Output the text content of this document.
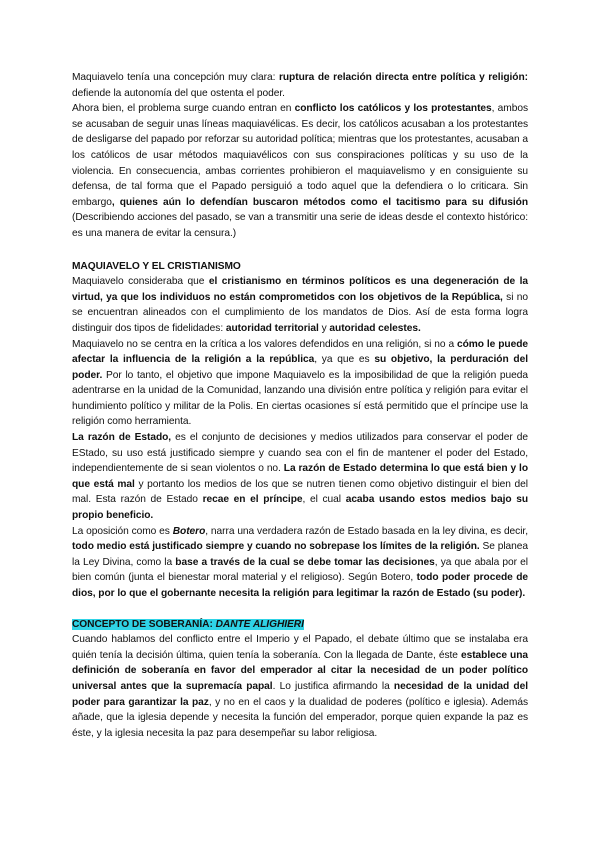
Maquiavelo tenía una concepción muy clara: ruptura de relación directa entre política y religión: defiende la autonomía del que ostenta el poder.

Ahora bien, el problema surge cuando entran en conflicto los católicos y los protestantes, ambos se acusaban de seguir unas líneas maquiavélicas. Es decir, los católicos acusaban a los protestantes de desligarse del papado por reforzar su autoridad política; mientras que los protestantes, acusaban a los católicos de usar métodos maquiavélicos con sus conspiraciones políticas y su uso de la violencia. En consecuencia, ambas corrientes prohibieron el maquiavelismo y en consiguiente su defensa, de tal forma que el Papado persiguió a todo aquel que la defendiera o lo criticara. Sin embargo, quienes aún lo defendían buscaron métodos como el tacitismo para su difusión (Describiendo acciones del pasado, se van a transmitir una serie de ideas desde el contexto histórico: es una manera de evitar la censura.)

MAQUIAVELO Y EL CRISTIANISMO

Maquiavelo consideraba que el cristianismo en términos políticos es una degeneración de la virtud, ya que los individuos no están comprometidos con los objetivos de la República, si no se encuentran alineados con el cumplimiento de los mandatos de Dios. Así de esta forma logra distinguir dos tipos de fidelidades: autoridad territorial y autoridad celestes.

Maquiavelo no se centra en la crítica a los valores defendidos en una religión, si no a cómo le puede afectar la influencia de la religión a la república, ya que es su objetivo, la perduración del poder. Por lo tanto, el objetivo que impone Maquiavelo es la imposibilidad de que la religión pueda adentrarse en la unidad de la Comunidad, lanzando una división entre política y religión para evitar el hundimiento político y militar de la Polis. En ciertas ocasiones sí está permitido que el príncipe use la religión como herramienta.

La razón de Estado, es el conjunto de decisiones y medios utilizados para conservar el poder de EStado, su uso está justificado siempre y cuando sea con el fin de mantener el poder del Estado, independientemente de si sean violentos o no. La razón de Estado determina lo que está bien y lo que está mal y portanto los medios de los que se nutren tienen como objetivo distinguir el bien del mal. Esta razón de Estado recae en el príncipe, el cual acaba usando estos medios bajo su propio beneficio.

La oposición como es Botero, narra una verdadera razón de Estado basada en la ley divina, es decir, todo medio está justificado siempre y cuando no sobrepase los límites de la religión. Se planea la Ley Divina, como la base a través de la cual se debe tomar las decisiones, ya que abala por el bien común (junta el bienestar moral material y el religioso). Según Botero, todo poder procede de dios, por lo que el gobernante necesita la religión para legitimar la razón de Estado (su poder).

CONCEPTO DE SOBERANÍA: DANTE ALIGHIERI

Cuando hablamos del conflicto entre el Imperio y el Papado, el debate último que se instalaba era quién tenía la decisión última, quien tenía la soberanía. Con la llegada de Dante, éste establece una definición de soberanía en favor del emperador al citar la necesidad de un poder político universal antes que la supremacía papal. Lo justifica afirmando la necesidad de la unidad del poder para garantizar la paz, y no en el caos y la dualidad de poderes (político e iglesia). Además añade, que la iglesia depende y necesita la función del emperador, porque quien expande la paz es éste, y la iglesia necesita la paz para desempeñar su labor religiosa.
